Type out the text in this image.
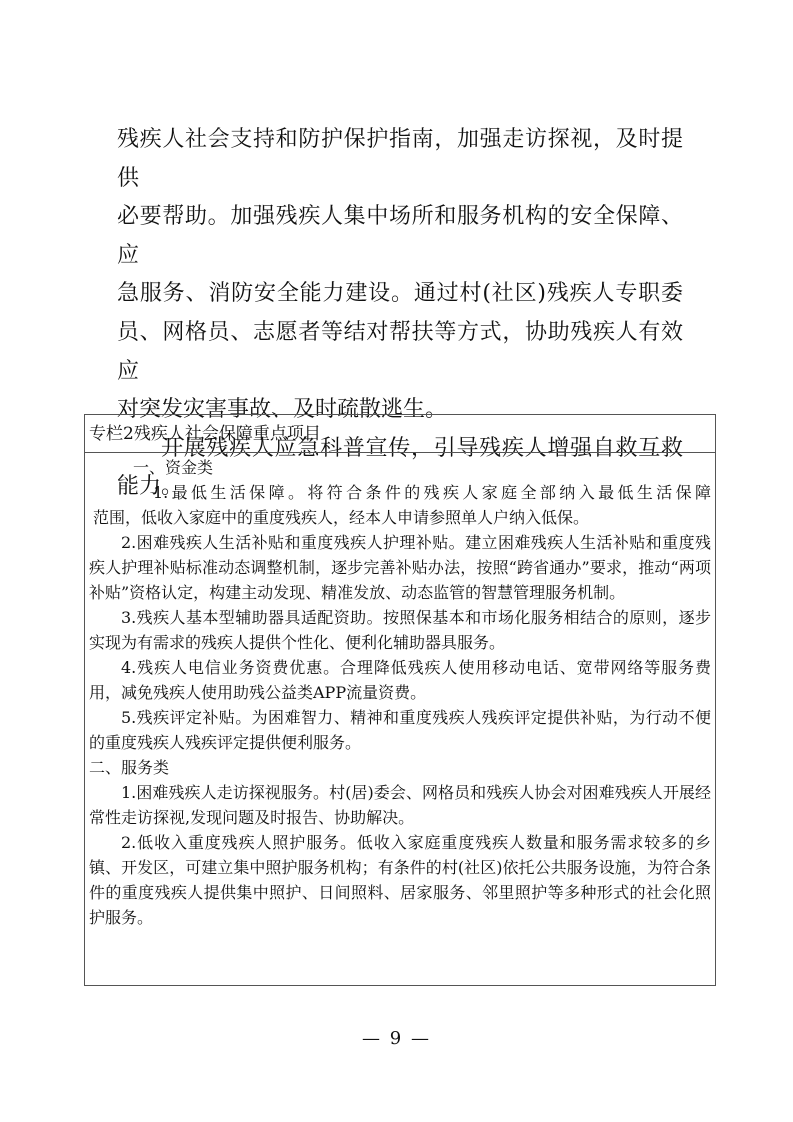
残疾人社会支持和防护保护指南，加强走访探视，及时提供
必要帮助。加强残疾人集中场所和服务机构的安全保障、应
急服务、消防安全能力建设。通过村(社区)残疾人专职委
员、网格员、志愿者等结对帮扶等方式，协助残疾人有效应
对突发灾害事故、及时疏散逃生。

开展残疾人应急科普宣传，引导残疾人增强自救互救
能力。

专栏2残疾人社会保障重点项目

一、资金类

1.最低生活保障。将符合条件的残疾人家庭全部纳入最低生活保障

范围，低收入家庭中的重度残疾人，经本人申请参照单人户纳入低保。

2.困难残疾人生活补贴和重度残疾人护理补贴。建立困难残疾人生活补贴和重度残疾人护理补贴标准动态调整机制，逐步完善补贴办法，按照“跨省通办”要求，推动“两项补贴”资格认定，构建主动发现、精准发放、动态监管的智慧管理服务机制。

3.残疾人基本型辅助器具适配资助。按照保基本和市场化服务相结合的原则，逐步实现为有需求的残疾人提供个性化、便利化辅助器具服务。

4.残疾人电信业务资费优惠。合理降低残疾人使用移动电话、宽带网络等服务费用，减免残疾人使用助残公益类APP流量资费。

5.残疾评定补贴。为困难智力、精神和重度残疾人残疾评定提供补贴，为行动不便的重度残疾人残疾评定提供便利服务。

二、服务类

1.困难残疾人走访探视服务。村(居)委会、网格员和残疾人协会对困难残疾人开展经常性走访探视,发现问题及时报告、协助解决。

2.低收入重度残疾人照护服务。低收入家庭重度残疾人数量和服务需求较多的乡镇、开发区，可建立集中照护服务机构；有条件的村(社区)依托公共服务设施，为符合条件的重度残疾人提供集中照护、日间照料、居家服务、邻里照护等多种形式的社会化照护服务。

— 9 —
